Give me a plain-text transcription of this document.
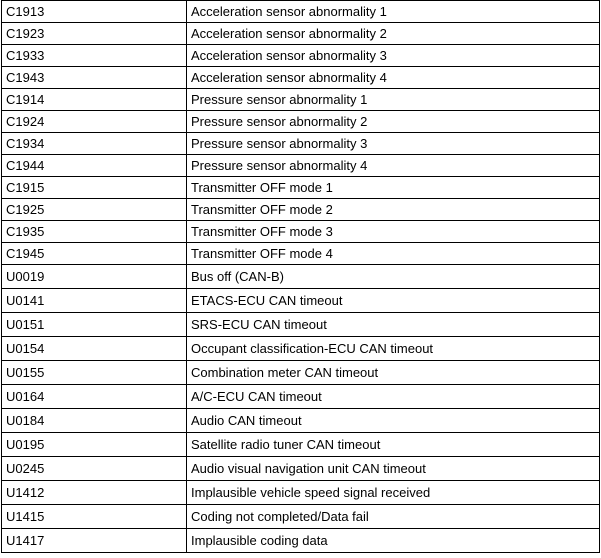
C1913	Acceleration sensor abnormality 1
C1923	Acceleration sensor abnormality 2
C1933	Acceleration sensor abnormality 3
C1943	Acceleration sensor abnormality 4
C1914	Pressure sensor abnormality 1
C1924	Pressure sensor abnormality 2
C1934	Pressure sensor abnormality 3
C1944	Pressure sensor abnormality 4
C1915	Transmitter OFF mode 1
C1925	Transmitter OFF mode 2
C1935	Transmitter OFF mode 3
C1945	Transmitter OFF mode 4
U0019	Bus off (CAN-B)
U0141	ETACS-ECU CAN timeout
U0151	SRS-ECU CAN timeout
U0154	Occupant classification-ECU CAN timeout
U0155	Combination meter CAN timeout
U0164	A/C-ECU CAN timeout
U0184	Audio CAN timeout
U0195	Satellite radio tuner CAN timeout
U0245	Audio visual navigation unit CAN timeout
U1412	Implausible vehicle speed signal received
U1415	Coding not completed/Data fail
U1417	Implausible coding data
